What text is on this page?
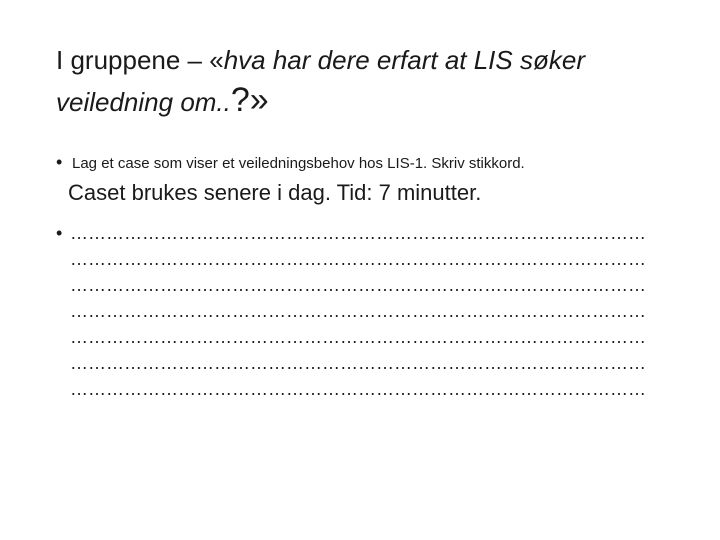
I gruppene – «hva har dere erfart at LIS søker veiledning om..?»
• Lag et case som viser et veiledningsbehov hos LIS-1. Skriv stikkord.
Caset brukes senere i dag. Tid: 7 minutter.
• ……………………………………………………………………………………
……………………………………………………………………………………
……………………………………………………………………………………
……………………………………………………………………………………
……………………………………………………………………………………
……………………………………………………………………………………
……………………………………………………………………………………
